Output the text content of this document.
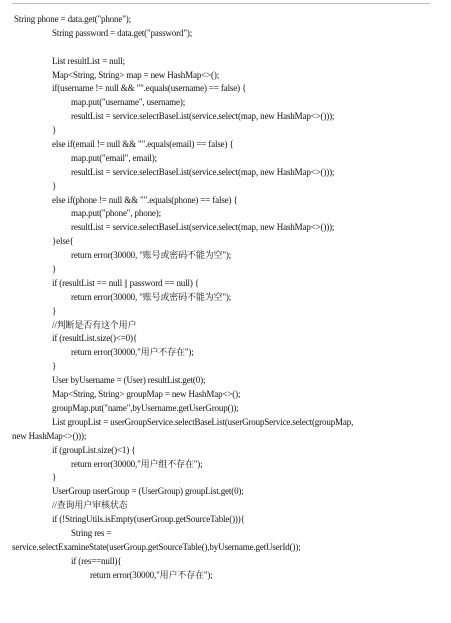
String phone = data.get("phone");
String password = data.get("password");
List resultList = null;
Map<String, String> map = new HashMap<>();
if(username != null && "".equals(username) == false) {
map.put("username", username);
resultList = service.selectBaseList(service.select(map, new HashMap<>()));
}
else if(email != null && "".equals(email) == false) {
map.put("email", email);
resultList = service.selectBaseList(service.select(map, new HashMap<>()));
}
else if(phone != null && "".equals(phone) == false) {
map.put("phone", phone);
resultList = service.selectBaseList(service.select(map, new HashMap<>()));
}else{
return error(30000, "账号或密码不能为空");
}
if (resultList == null || password == null) {
return error(30000, "账号或密码不能为空");
}
//判断是否有这个用户
if (resultList.size()<=0){
return error(30000,"用户不存在");
}
User byUsername = (User) resultList.get(0);
Map<String, String> groupMap = new HashMap<>();
groupMap.put("name",byUsername.getUserGroup());
List groupList = userGroupService.selectBaseList(userGroupService.select(groupMap,
new HashMap<>()));
if (groupList.size()<1) {
return error(30000,"用户组不存在");
}
UserGroup userGroup = (UserGroup) groupList.get(0);
//查询用户审核状态
if (!StringUtils.isEmpty(userGroup.getSourceTable())){
String res =
service.selectExamineState(userGroup.getSourceTable(),byUsername.getUserId());
if (res==null){
return error(30000,"用户不存在");
